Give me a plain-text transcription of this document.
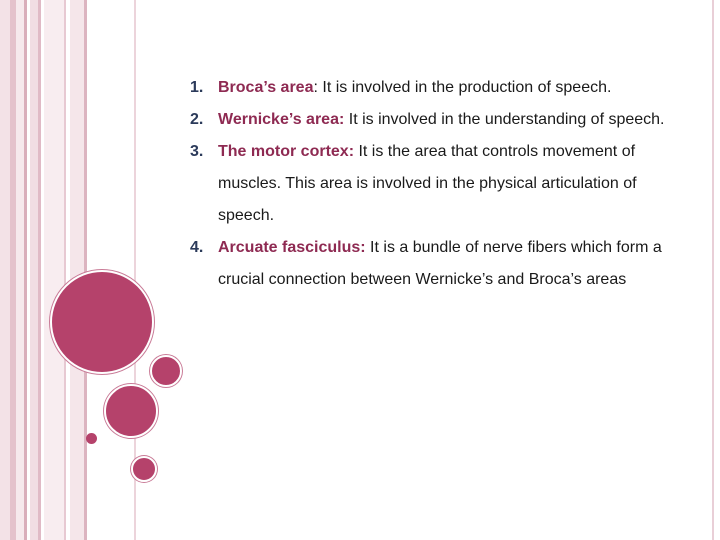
1. Broca’s area: It is involved in the production of speech.
2. Wernicke’s area: It is involved in the understanding of speech.
3. The motor cortex: It is the area that controls movement of muscles. This area is involved in the physical articulation of speech.
4. Arcuate fasciculus: It is a bundle of nerve fibers which form a crucial connection between Wernicke’s and Broca’s areas
